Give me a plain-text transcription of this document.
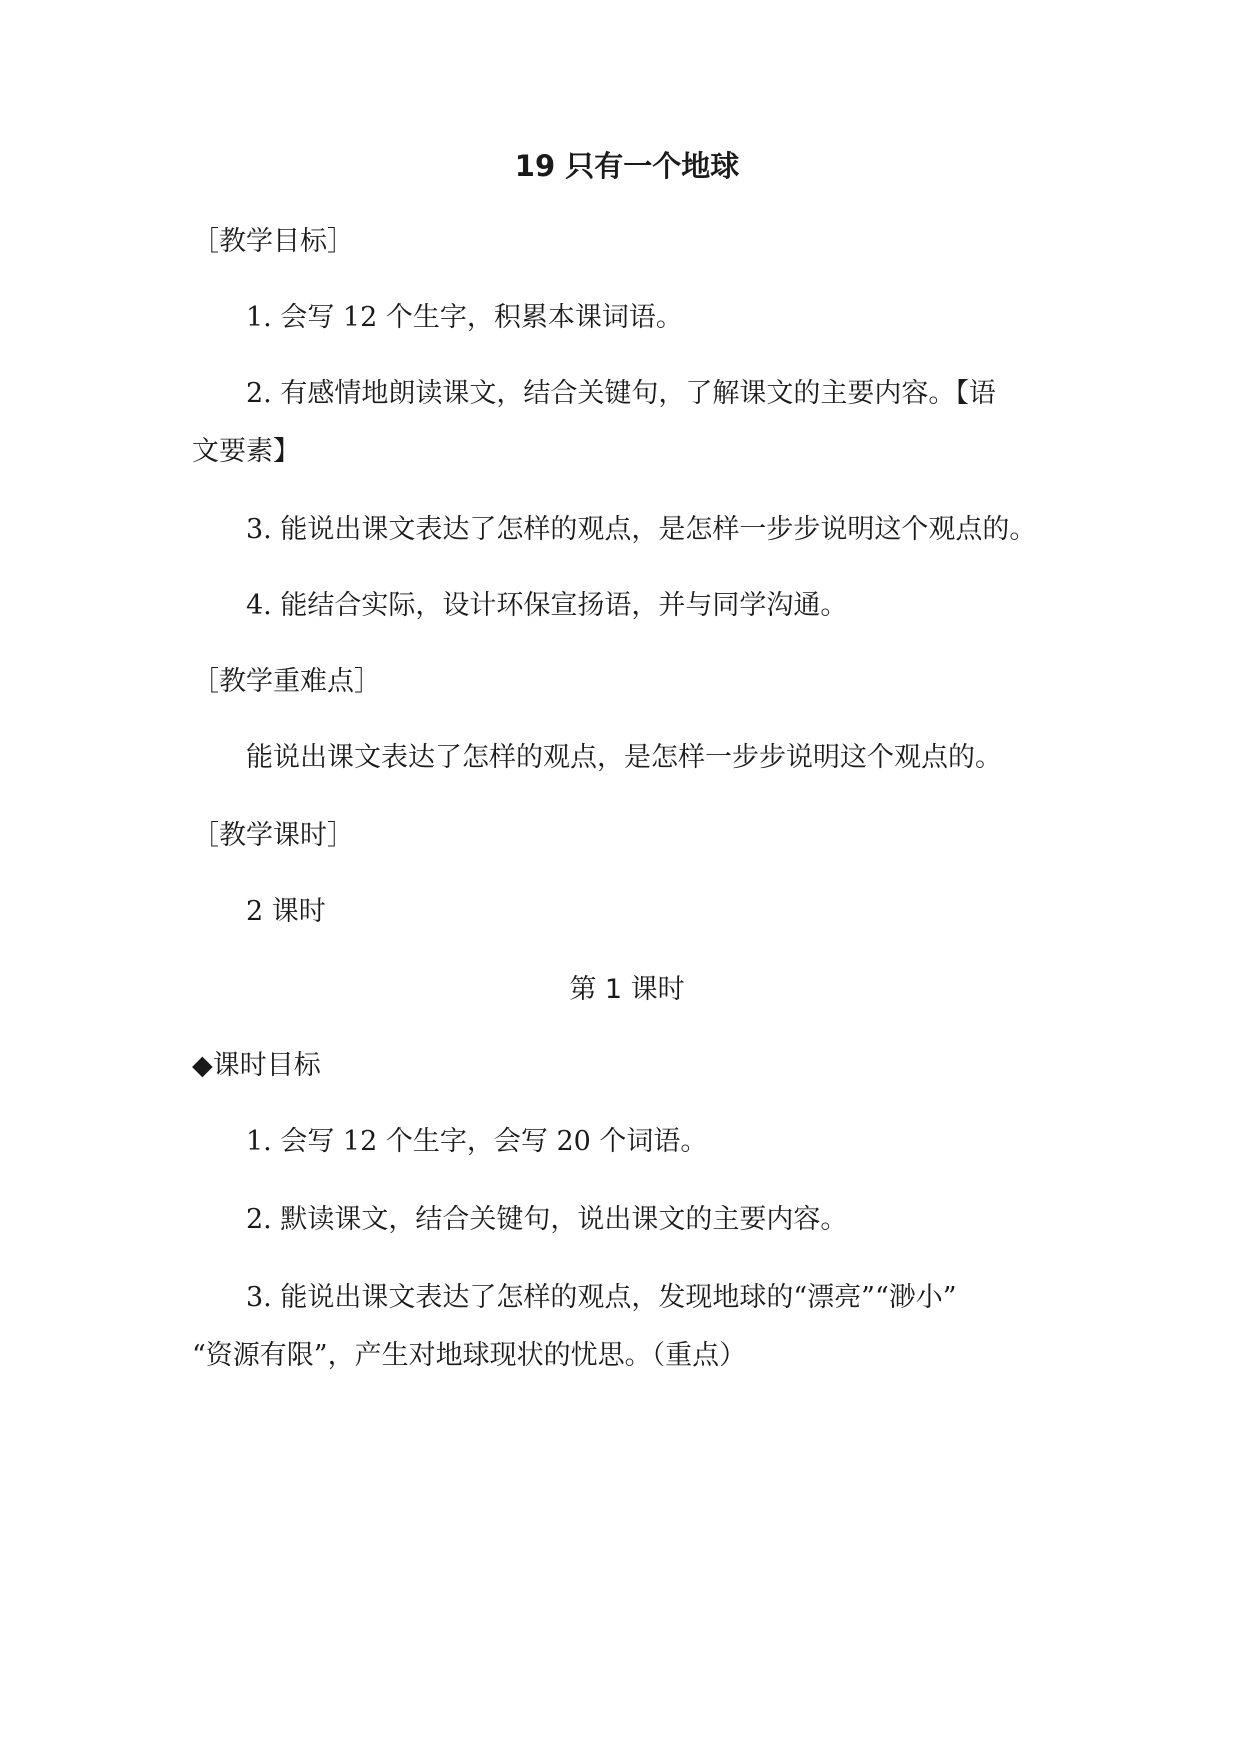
19 只有一个地球
［教学目标］
1. 会写 12 个生字，积累本课词语。
2. 有感情地朗读课文，结合关键句，了解课文的主要内容。【语
文要素】
3. 能说出课文表达了怎样的观点，是怎样一步步说明这个观点的。
4. 能结合实际，设计环保宣扬语，并与同学沟通。
［教学重难点］
能说出课文表达了怎样的观点，是怎样一步步说明这个观点的。
［教学课时］
2 课时
第 1 课时
◆课时目标
1. 会写 12 个生字，会写 20 个词语。
2. 默读课文，结合关键句，说出课文的主要内容。
3. 能说出课文表达了怎样的观点，发现地球的“漂亮”“渺小”
“资源有限”，产生对地球现状的忧思。（重点）
